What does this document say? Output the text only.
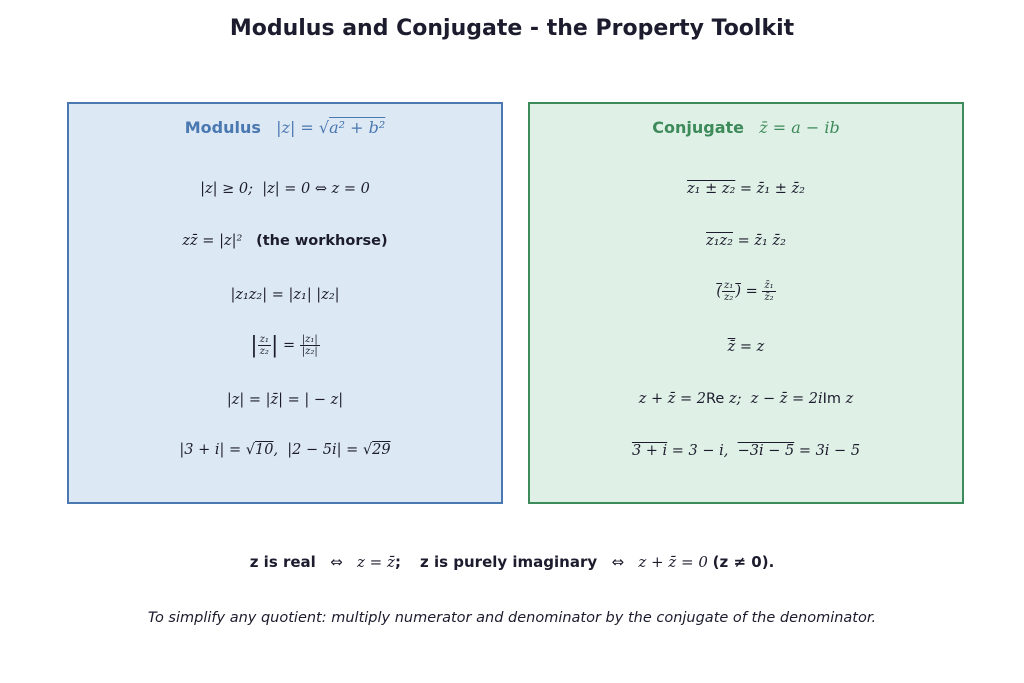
Modulus and Conjugate - the Property Toolkit
Modulus |z| = √a² + b²
|z| ≥ 0;  |z| = 0 ⇔ z = 0
zz̄ = |z|² (the workhorse)
|z₁z₂| = |z₁| |z₂|
| $\frac{\text{z₁}}{\text{z₂}}$ | = $\frac{\text{|z₁|}}{\text{|z₂|}}$
|z| = |z̄| = | − z|
|3 + i| = √10,  |2 − 5i| = √29
Conjugate z̄ = a − ib
z₁ ± z₂ = z̄₁ ± z̄₂
z₁z₂ = z̄₁ z̄₂
( $\frac{\text{z₁}}{\text{z₂}}$ ) = $\frac{\text{z̄₁}}{\text{z̄₂}}$
z̄ = z
z + z̄ = 2Re z;  z − z̄ = 2iIm z
3 + i = 3 − i,  −3i − 5 = 3i − 5
z is real   ⇔   z = z̄; z is purely imaginary   ⇔   z + z̄ = 0 (z ≠ 0).
To simplify any quotient: multiply numerator and denominator by the conjugate of the denominator.
